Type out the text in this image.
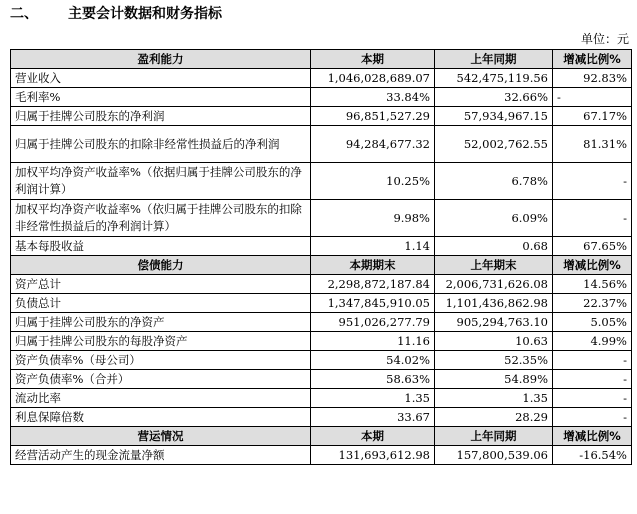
二、	主要会计数据和财务指标
单位：元
盈利能力	本期	上年同期	增减比例%
营业收入	1,046,028,689.07	542,475,119.56	92.83%
毛利率%	33.84%	32.66%	-
归属于挂牌公司股东的净利润	96,851,527.29	57,934,967.15	67.17%
归属于挂牌公司股东的扣除非经常性损益后的净利润	94,284,677.32	52,002,762.55	81.31%
加权平均净资产收益率%（依据归属于挂牌公司股东的净利润计算）	10.25%	6.78%	-
加权平均净资产收益率%（依归属于挂牌公司股东的扣除非经常性损益后的净利润计算）	9.98%	6.09%	-
基本每股收益	1.14	0.68	67.65%
偿债能力	本期期末	上年期末	增减比例%
资产总计	2,298,872,187.84	2,006,731,626.08	14.56%
负债总计	1,347,845,910.05	1,101,436,862.98	22.37%
归属于挂牌公司股东的净资产	951,026,277.79	905,294,763.10	5.05%
归属于挂牌公司股东的每股净资产	11.16	10.63	4.99%
资产负债率%（母公司）	54.02%	52.35%	-
资产负债率%（合并）	58.63%	54.89%	-
流动比率	1.35	1.35	-
利息保障倍数	33.67	28.29	-
营运情况	本期	上年同期	增减比例%
经营活动产生的现金流量净额	131,693,612.98	157,800,539.06	-16.54%
